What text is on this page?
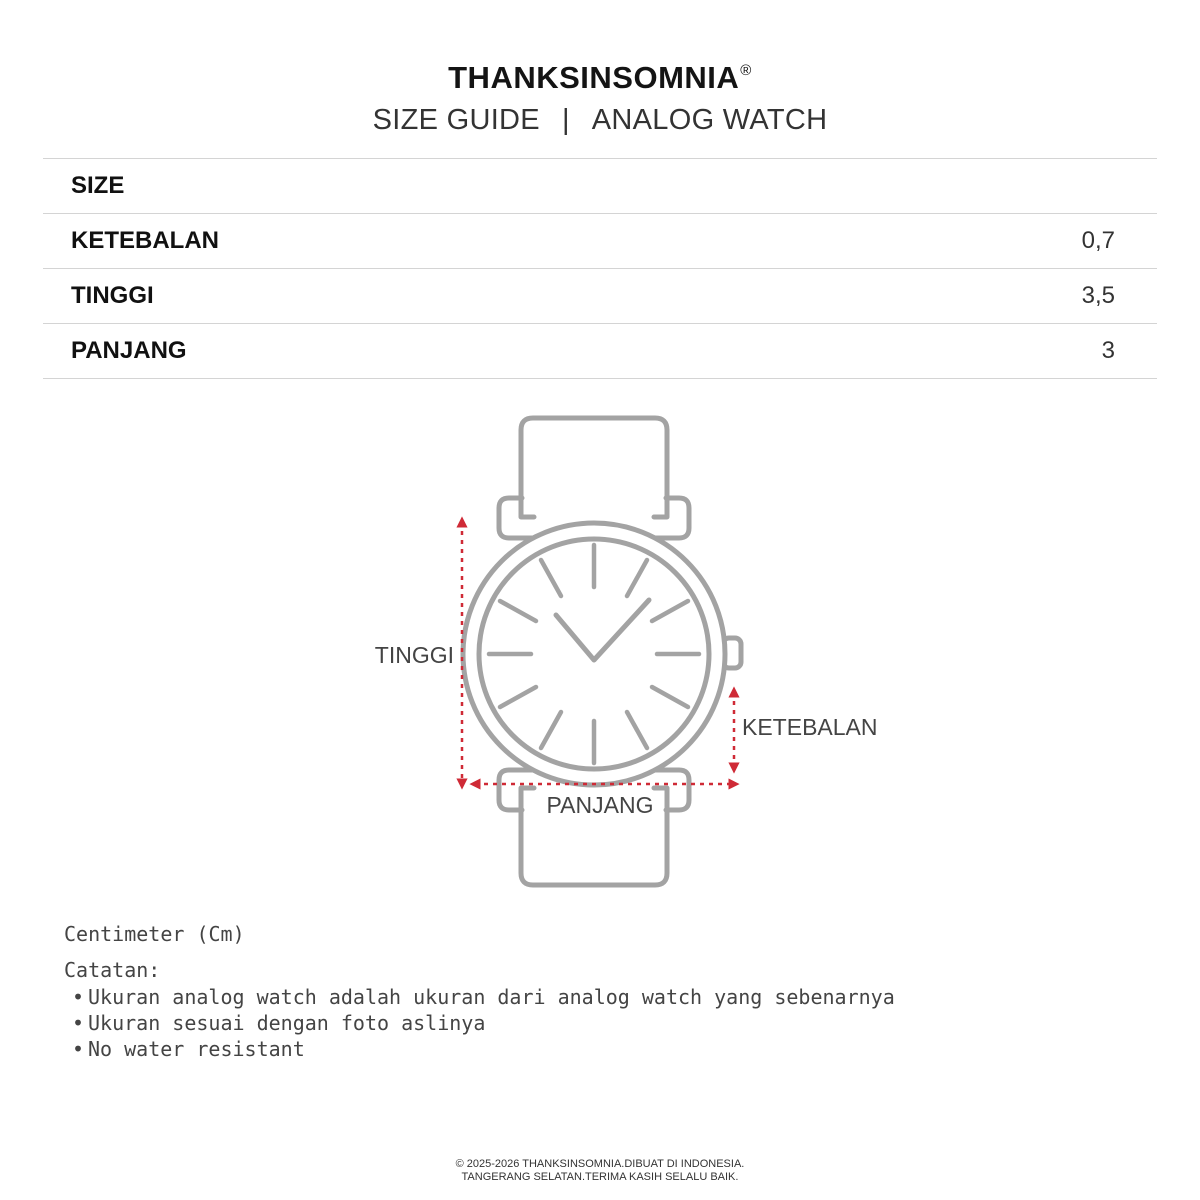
THANKSINSOMNIA®
SIZE GUIDE | ANALOG WATCH
SIZE
KETEBALAN	0,7
TINGGI	3,5
PANJANG	3
TINGGI
KETEBALAN
PANJANG
Centimeter (Cm)
Catatan:
• Ukuran analog watch adalah ukuran dari analog watch yang sebenarnya
• Ukuran sesuai dengan foto aslinya
• No water resistant
© 2025-2026 THANKSINSOMNIA.DIBUAT DI INDONESIA.
TANGERANG SELATAN.TERIMA KASIH SELALU BAIK.
